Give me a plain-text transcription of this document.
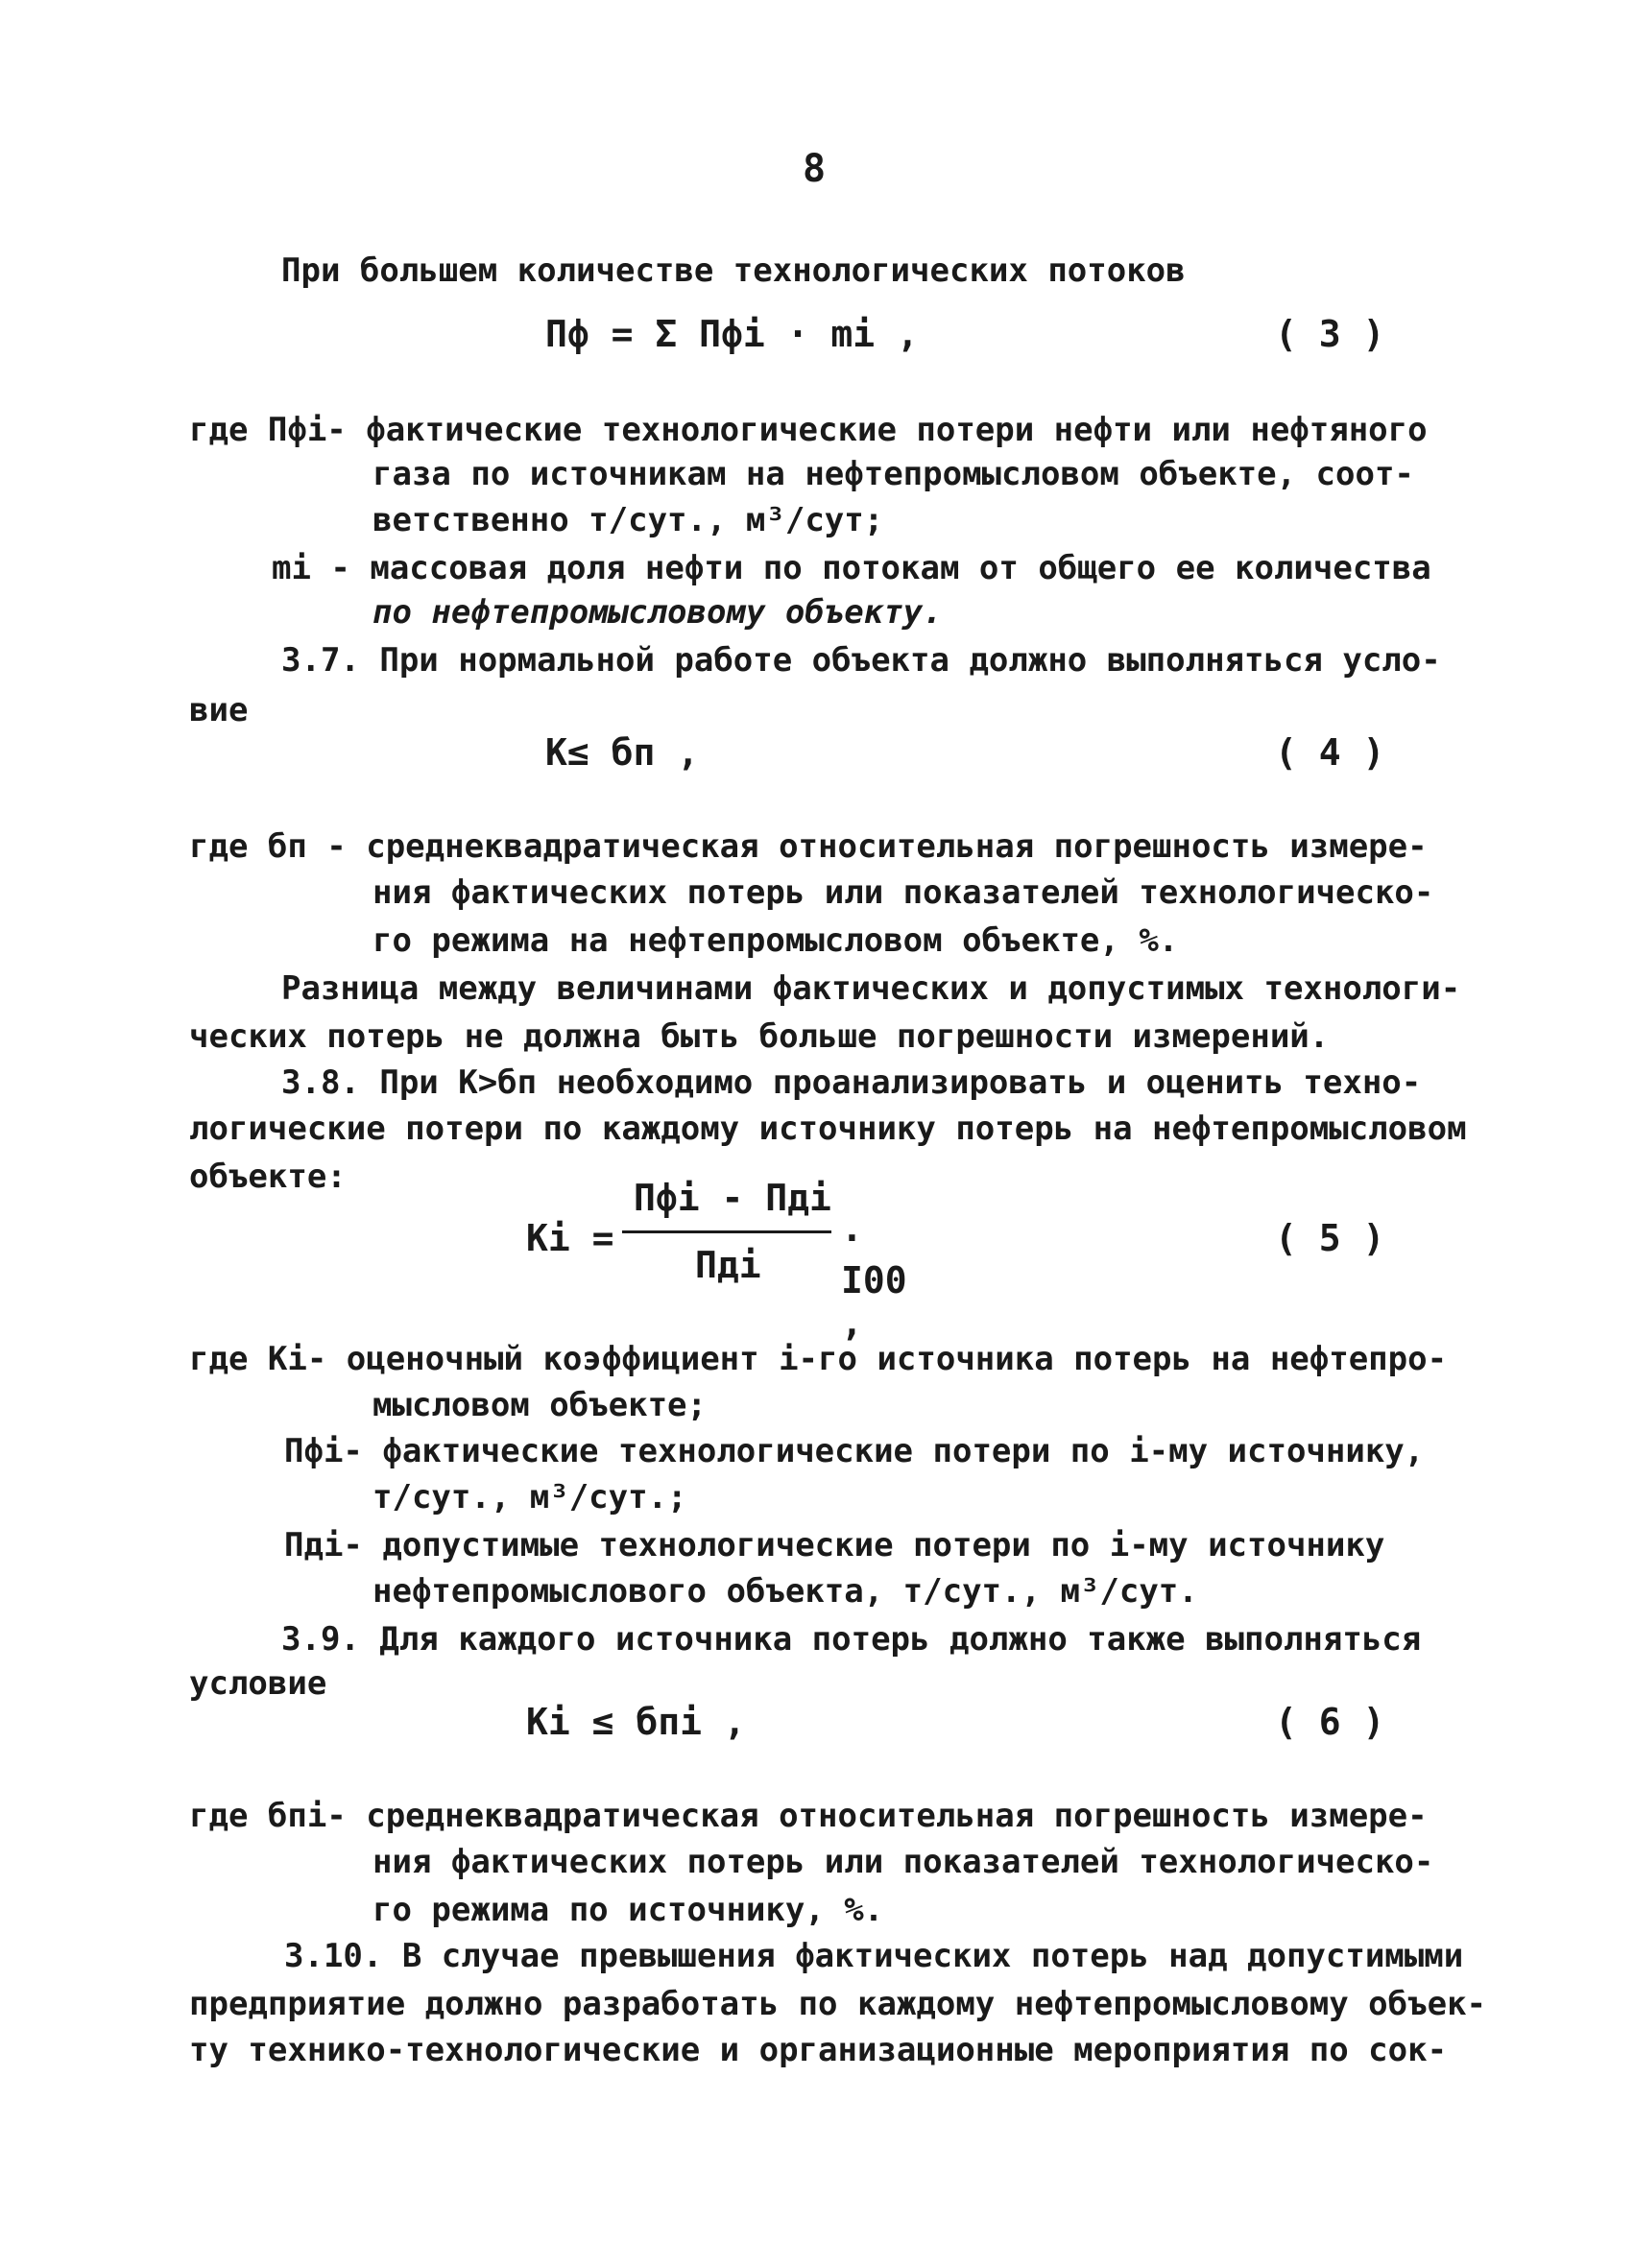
8
При большем количестве технологических потоков
Пф = Σ Пфi · mi ,	( 3 )
где Пфi- фактические технологические потери нефти или нефтяного
газа по источникам на нефтепромысловом объекте, соот-
ветственно т/сут., м³/сут;
mi - массовая доля нефти по потокам от общего ее количества
по нефтепромысловому объекту.
3.7. При нормальной работе объекта должно выполняться усло-
вие
К≤ бп ,	( 4 )
где бп - среднеквадратическая относительная погрешность измере-
ния фактических потерь или показателей технологическо-
го режима на нефтепромысловом объекте, %.
Разница между величинами фактических и допустимых технологи-
ческих потерь не должна быть больше погрешности измерений.
3.8. При К>бп необходимо проанализировать и оценить техно-
логические потери по каждому источнику потерь на нефтепромысловом
объекте:
Кi =
Пфi - Пдi
Пдi
· I00 ,
( 5 )
где Кi- оценочный коэффициент i-го источника потерь на нефтепро-
мысловом объекте;
Пфi- фактические технологические потери по i-му источнику,
т/сут., м³/сут.;
Пдi- допустимые технологические потери по i-му источнику
нефтепромыслового объекта, т/сут., м³/сут.
3.9. Для каждого источника потерь должно также выполняться
условие
Кi ≤ бпi ,	( 6 )
где бпi- среднеквадратическая относительная погрешность измере-
ния фактических потерь или показателей технологическо-
го режима по источнику, %.
3.10. В случае превышения фактических потерь над допустимыми
предприятие должно разработать по каждому нефтепромысловому объек-
ту технико-технологические и организационные мероприятия по сок-
